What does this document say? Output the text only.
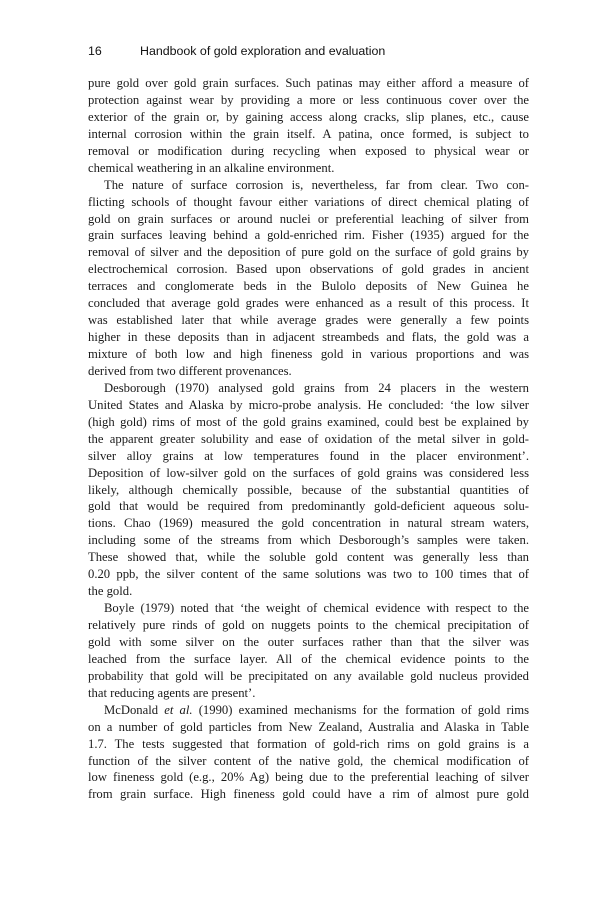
16	Handbook of gold exploration and evaluation

pure gold over gold grain surfaces. Such patinas may either afford a measure of
protection against wear by providing a more or less continuous cover over the
exterior of the grain or, by gaining access along cracks, slip planes, etc., cause
internal corrosion within the grain itself. A patina, once formed, is subject to
removal or modification during recycling when exposed to physical wear or
chemical weathering in an alkaline environment.

The nature of surface corrosion is, nevertheless, far from clear. Two con-
flicting schools of thought favour either variations of direct chemical plating of
gold on grain surfaces or around nuclei or preferential leaching of silver from
grain surfaces leaving behind a gold-enriched rim. Fisher (1935) argued for the
removal of silver and the deposition of pure gold on the surface of gold grains by
electrochemical corrosion. Based upon observations of gold grades in ancient
terraces and conglomerate beds in the Bulolo deposits of New Guinea he
concluded that average gold grades were enhanced as a result of this process. It
was established later that while average grades were generally a few points
higher in these deposits than in adjacent streambeds and flats, the gold was a
mixture of both low and high fineness gold in various proportions and was
derived from two different provenances.

Desborough (1970) analysed gold grains from 24 placers in the western
United States and Alaska by micro-probe analysis. He concluded: ‘the low silver
(high gold) rims of most of the gold grains examined, could best be explained by
the apparent greater solubility and ease of oxidation of the metal silver in gold-
silver alloy grains at low temperatures found in the placer environment’.
Deposition of low-silver gold on the surfaces of gold grains was considered less
likely, although chemically possible, because of the substantial quantities of
gold that would be required from predominantly gold-deficient aqueous solu-
tions. Chao (1969) measured the gold concentration in natural stream waters,
including some of the streams from which Desborough’s samples were taken.
These showed that, while the soluble gold content was generally less than
0.20 ppb, the silver content of the same solutions was two to 100 times that of
the gold.

Boyle (1979) noted that ‘the weight of chemical evidence with respect to the
relatively pure rinds of gold on nuggets points to the chemical precipitation of
gold with some silver on the outer surfaces rather than that the silver was
leached from the surface layer. All of the chemical evidence points to the
probability that gold will be precipitated on any available gold nucleus provided
that reducing agents are present’.

McDonald et al. (1990) examined mechanisms for the formation of gold rims
on a number of gold particles from New Zealand, Australia and Alaska in Table
1.7. The tests suggested that formation of gold-rich rims on gold grains is a
function of the silver content of the native gold, the chemical modification of
low fineness gold (e.g., 20% Ag) being due to the preferential leaching of silver
from grain surface. High fineness gold could have a rim of almost pure gold
